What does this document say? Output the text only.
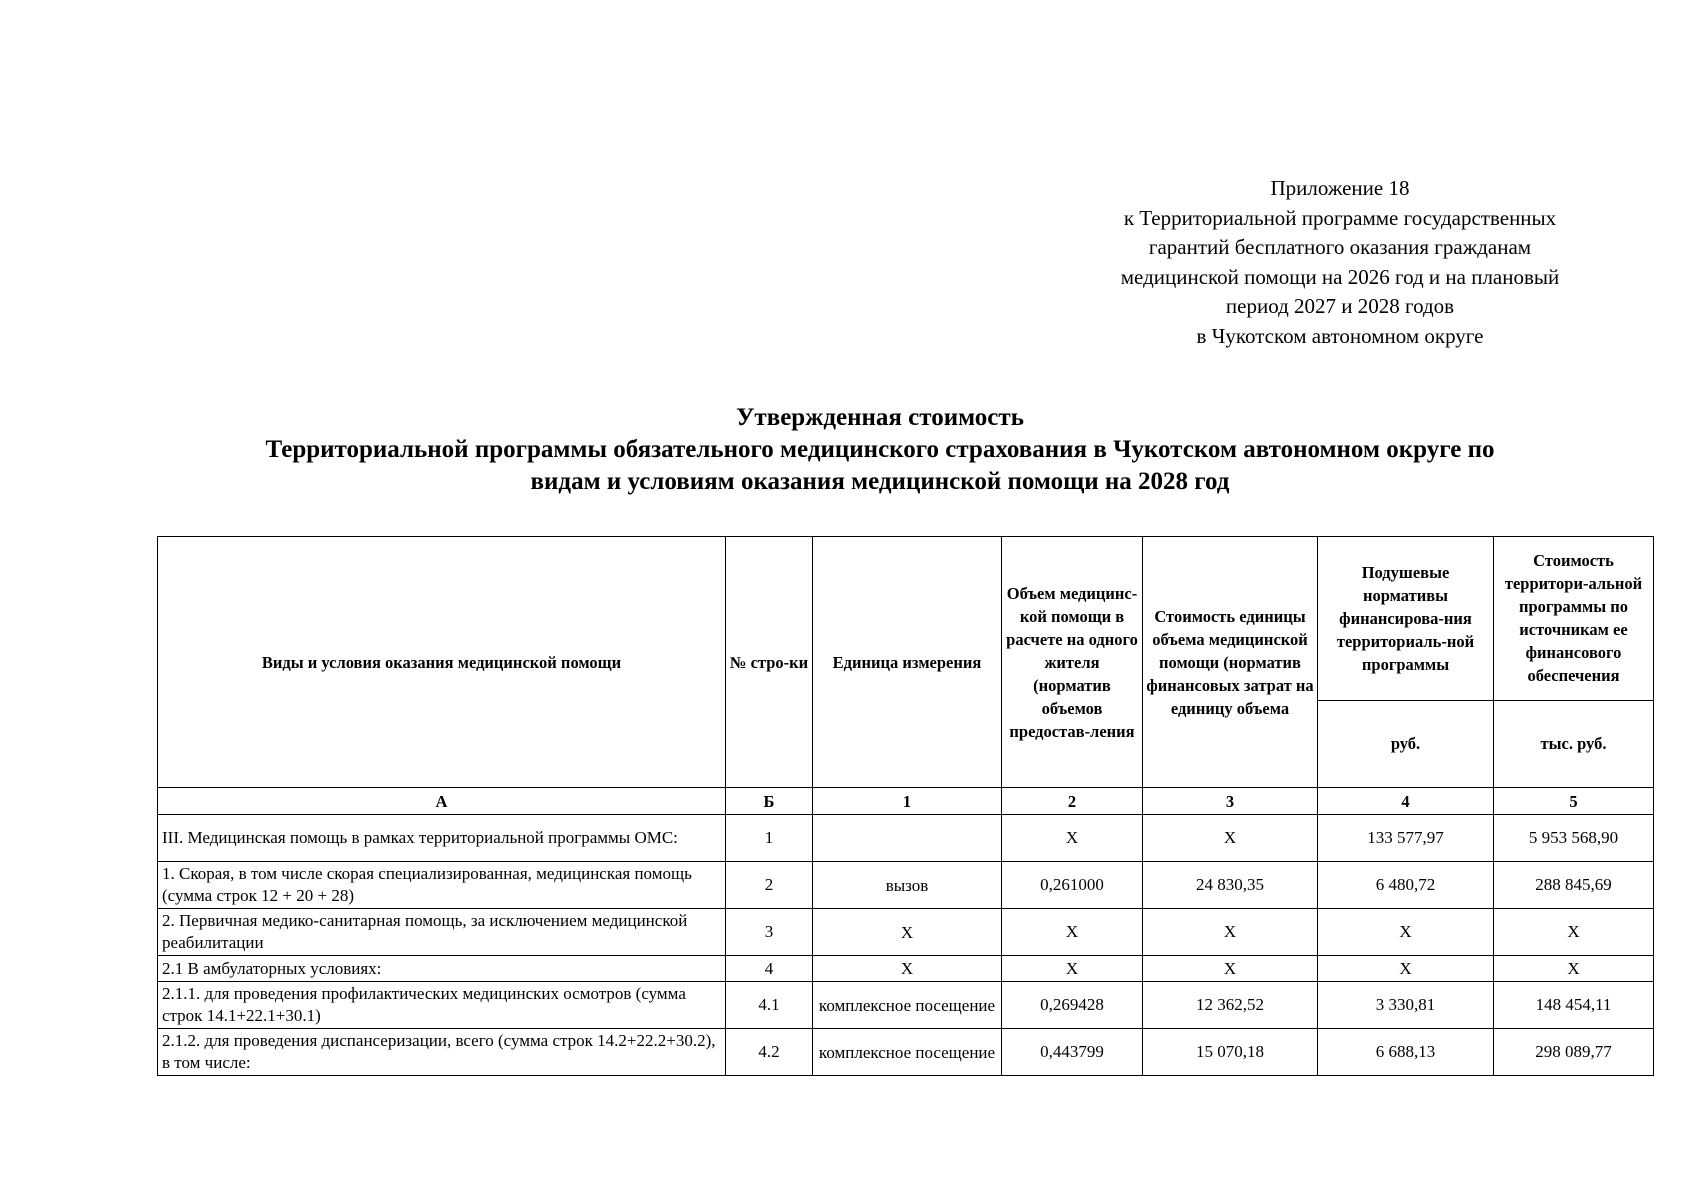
Приложение 18
к Территориальной программе государственных
гарантий бесплатного оказания гражданам
медицинской помощи на 2026 год и на плановый
период 2027 и 2028 годов
в Чукотском автономном округе
Утвержденная стоимость
Территориальной программы обязательного медицинского страхования в Чукотском автономном округе по
видам и условиям оказания медицинской помощи на 2028 год
Виды и условия оказания медицинской помощи	№ стро-ки	Единица измерения	Объем медицинс-кой помощи в расчете на одного жителя (норматив объемов предостав-ления	Стоимость единицы объема медицинской помощи (норматив финансовых затрат на единицу объема	Подушевые нормативы финансирова-ния территориаль-ной программы	Стоимость территори-альной программы по источникам ее финансового обеспечения
					руб.	тыс. руб.
А	Б	1	2	3	4	5
III. Медицинская помощь в рамках территориальной программы ОМС:	1		X	X	133 577,97	5 953 568,90
1. Скорая, в том числе скорая специализированная, медицинская помощь (сумма строк 12 + 20 + 28)	2	вызов	0,261000	24 830,35	6 480,72	288 845,69
2. Первичная медико-санитарная помощь, за исключением медицинской реабилитации	3	X	X	X	X	X
2.1 В амбулаторных условиях:	4	X	X	X	X	X
2.1.1. для проведения профилактических медицинских осмотров (сумма строк 14.1+22.1+30.1)	4.1	комплексное посещение	0,269428	12 362,52	3 330,81	148 454,11
2.1.2. для проведения диспансеризации, всего (сумма строк 14.2+22.2+30.2), в том числе:	4.2	комплексное посещение	0,443799	15 070,18	6 688,13	298 089,77
